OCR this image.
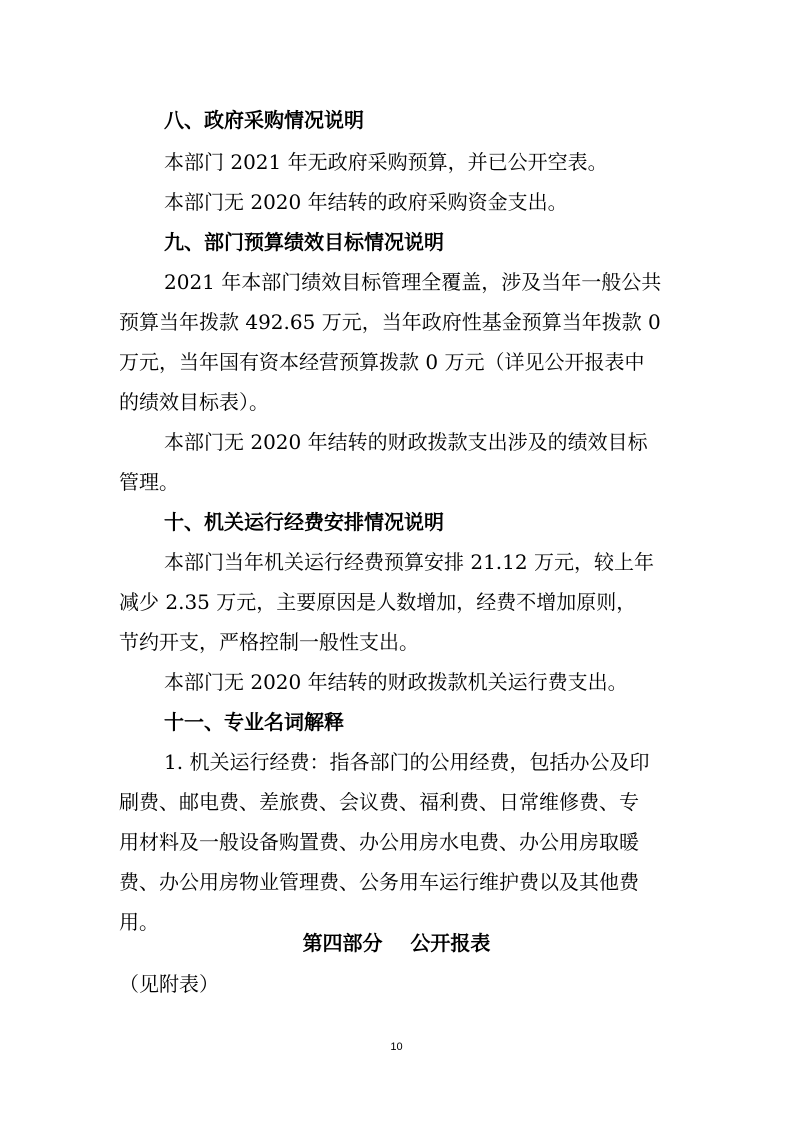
八、政府采购情况说明
本部门 2021 年无政府采购预算，并已公开空表。
本部门无 2020 年结转的政府采购资金支出。
九、部门预算绩效目标情况说明
2021 年本部门绩效目标管理全覆盖，涉及当年一般公共
预算当年拨款 492.65 万元，当年政府性基金预算当年拨款 0
万元，当年国有资本经营预算拨款 0 万元（详见公开报表中
的绩效目标表）。
本部门无 2020 年结转的财政拨款支出涉及的绩效目标
管理。
十、机关运行经费安排情况说明
本部门当年机关运行经费预算安排 21.12 万元，较上年
减少 2.35 万元，主要原因是人数增加，经费不增加原则，
节约开支，严格控制一般性支出。
本部门无 2020 年结转的财政拨款机关运行费支出。
十一、专业名词解释
1. 机关运行经费：指各部门的公用经费，包括办公及印
刷费、邮电费、差旅费、会议费、福利费、日常维修费、专
用材料及一般设备购置费、办公用房水电费、办公用房取暖
费、办公用房物业管理费、公务用车运行维护费以及其他费
用。
第四部分    公开报表
（见附表）
10
